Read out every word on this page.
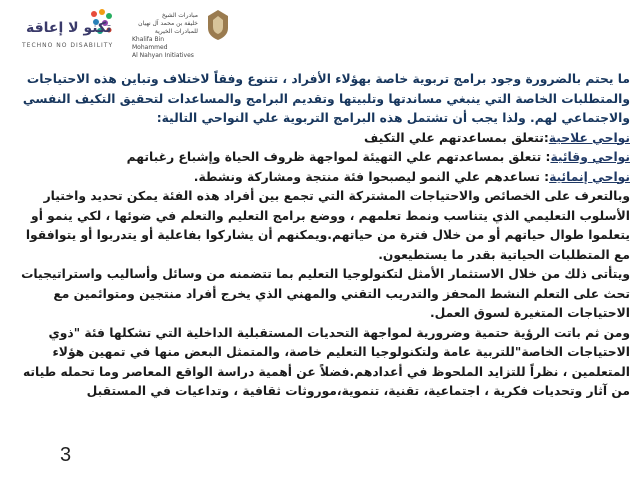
تكنو لا إعاقة
TECHNO NO DISABILITY
مبادرات الشيخ
خليفة بن محمد آل نهيان
للمبادرات الخيرية
Khalifa Bin Mohammed
Al Nahyan Initiatives

ما يحتم بالضرورة وجود برامج تربوية خاصة بهؤلاء الأفراد ، تتنوع وفقاً لاختلاف وتباين هذه الاحتياجات والمتطلبات الخاصة التي ينبغي مساندتها وتلبيتها وتقديم البرامج والمساعدات لتحقيق التكيف النفسي والاجتماعي لهم. ولذا يجب أن تشتمل هذه البرامج التربوية علي النواحي التالية:

نواحي علاجية:تتعلق بمساعدتهم علي التكيف

نواحي وقائية: تتعلق بمساعدتهم علي التهيئة لمواجهة ظروف الحياة وإشباع رغباتهم

نواحي إنمائية: تساعدهم علي النمو ليصبحوا فئة منتجة ومشاركة ونشطة.

وبالتعرف على الخصائص والاحتياجات المشتركة التي تجمع بين أفراد هذه الفئة يمكن تحديد واختيار الأسلوب التعليمي الذي يتناسب ونمط تعلمهم ، ووضع برامج التعليم والتعلم في ضوئها ، لكي ينمو أو يتعلموا طوال حياتهم أو من خلال فترة من حياتهم.ويمكنهم أن يشاركوا بفاعلية أو يتدربوا أو يتوافقوا مع المتطلبات الحياتية بقدر ما يستطيعون.

ويتأتى ذلك من خلال الاستثمار الأمثل لتكنولوجيا التعليم بما تتضمنه من وسائل وأساليب واستراتيجيات تحث على التعلم النشط المحفز والتدريب التقني والمهني الذي يخرج أفراد منتجين ومتوائمين مع الاحتياجات المتغيرة لسوق العمل.

ومن ثم باتت الرؤية حتمية وضرورية لمواجهة التحديات المستقبلية الداخلية التي تشكلها فئة "ذوي الاحتياجات الخاصة"للتربية عامة ولتكنولوجيا التعليم خاصة، والمتمثل البعض منها في تمهين هؤلاء المتعلمين ، نظراً للتزايد الملحوظ في أعدادهم.فضلاً عن أهمية دراسة الواقع المعاصر وما تحمله طياته من آثار وتحديات فكرية ، اجتماعية، تقنية، تنموية،موروثات ثقافية ، وتداعيات في المستقبل

3
